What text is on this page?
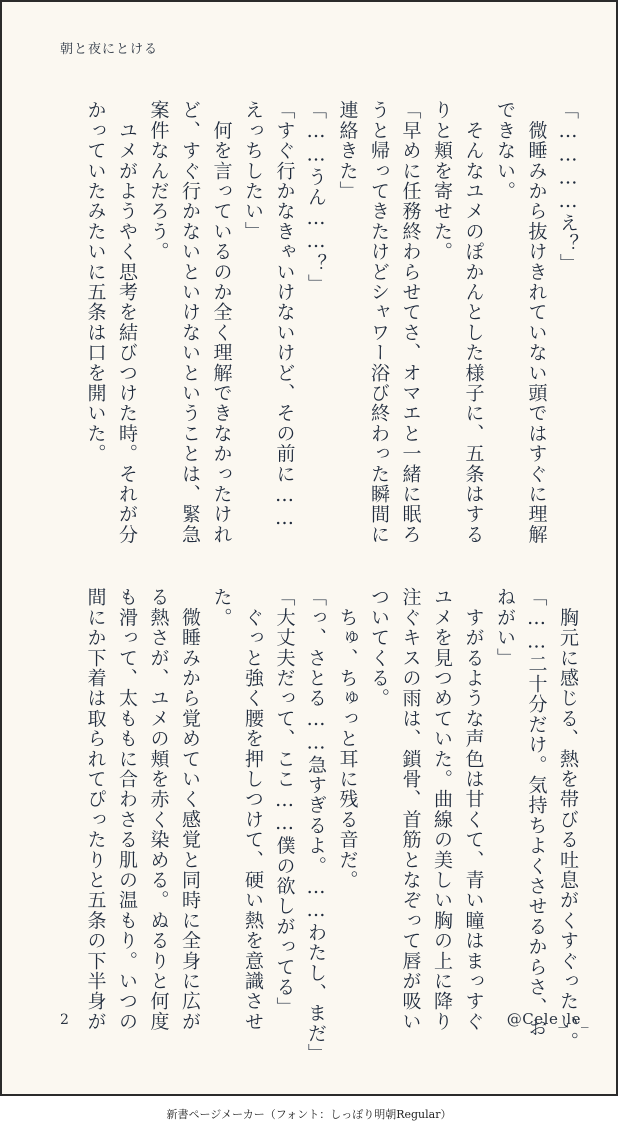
朝と夜にとける
「…………え？」
　微睡みから抜けきれていない頭ではすぐに理解
できない。
　そんなユメのぽかんとした様子に、五条はする
りと頬を寄せた。
「早めに任務終わらせてさ、オマエと一緒に眠ろ
うと帰ってきたけどシャワー浴び終わった瞬間に
連絡きた」
「……うん……？」
「すぐ行かなきゃいけないけど、その前に……
えっちしたい」
　何を言っているのか全く理解できなかったけれ
ど、すぐ行かないといけないということは、緊急
案件なんだろう。
　ユメがようやく思考を結びつけた時。それが分
かっていたみたいに五条は口を開いた。
　胸元に感じる、熱を帯びる吐息がくすぐったい。
「……二十分だけ。気持ちよくさせるからさ、お
ねがい」
　すがるような声色は甘くて、青い瞳はまっすぐ
ユメを見つめていた。曲線の美しい胸の上に降り
注ぐキスの雨は、鎖骨、首筋となぞって唇が吸い
ついてくる。
　ちゅ、ちゅっと耳に残る音だ。
「っ、さとる……急すぎるよ。……わたし、まだ」
「大丈夫だって、ここ……僕の欲しがってる」
　ぐっと強く腰を押しつけて、硬い熱を意識させ
た。
　微睡みから覚めていく感覚と同時に全身に広が
る熱さが、ユメの頬を赤く染める。ぬるりと何度
も滑って、太ももに合わさる肌の温もり。いつの
間にか下着は取られてぴったりと五条の下半身が
2	@Cele_le_
新書ページメーカー（フォント：しっぽり明朝Regular）
